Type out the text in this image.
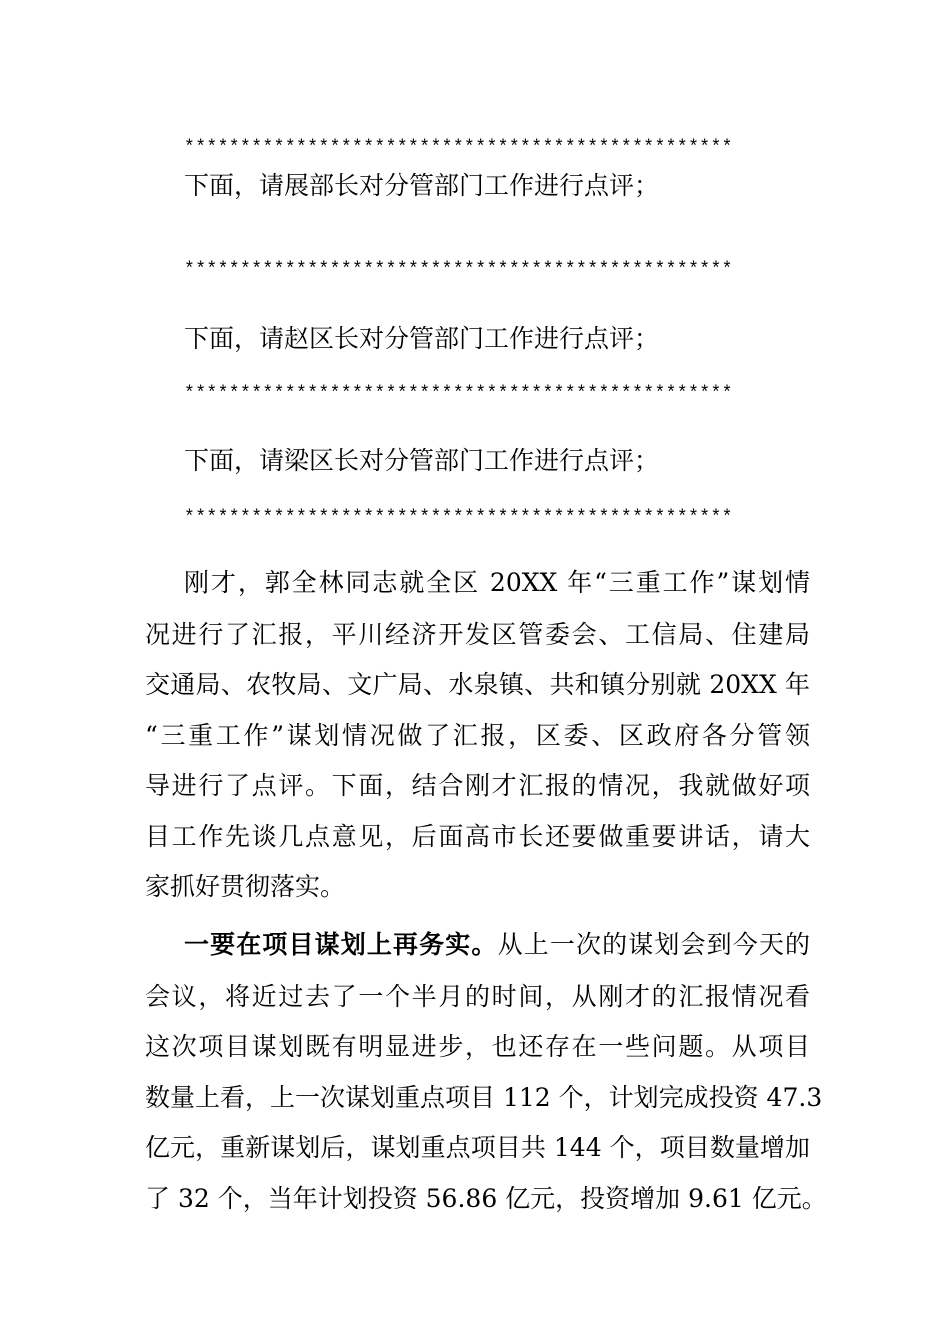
*************************************************
下面，请展部长对分管部门工作进行点评；
*************************************************
下面，请赵区长对分管部门工作进行点评；
*************************************************
下面，请梁区长对分管部门工作进行点评；
*************************************************
刚才，郭全林同志就全区 20XX 年“三重工作”谋划情
况进行了汇报，平川经济开发区管委会、工信局、住建局
交通局、农牧局、文广局、水泉镇、共和镇分别就 20XX 年
“三重工作”谋划情况做了汇报，区委、区政府各分管领
导进行了点评。下面，结合刚才汇报的情况，我就做好项
目工作先谈几点意见，后面高市长还要做重要讲话，请大
家抓好贯彻落实。
一要在项目谋划上再务实。从上一次的谋划会到今天的
会议，将近过去了一个半月的时间，从刚才的汇报情况看
这次项目谋划既有明显进步，也还存在一些问题。从项目
数量上看，上一次谋划重点项目 112 个，计划完成投资 47.3
亿元，重新谋划后，谋划重点项目共 144 个，项目数量增加
了 32 个，当年计划投资 56.86 亿元，投资增加 9.61 亿元。
